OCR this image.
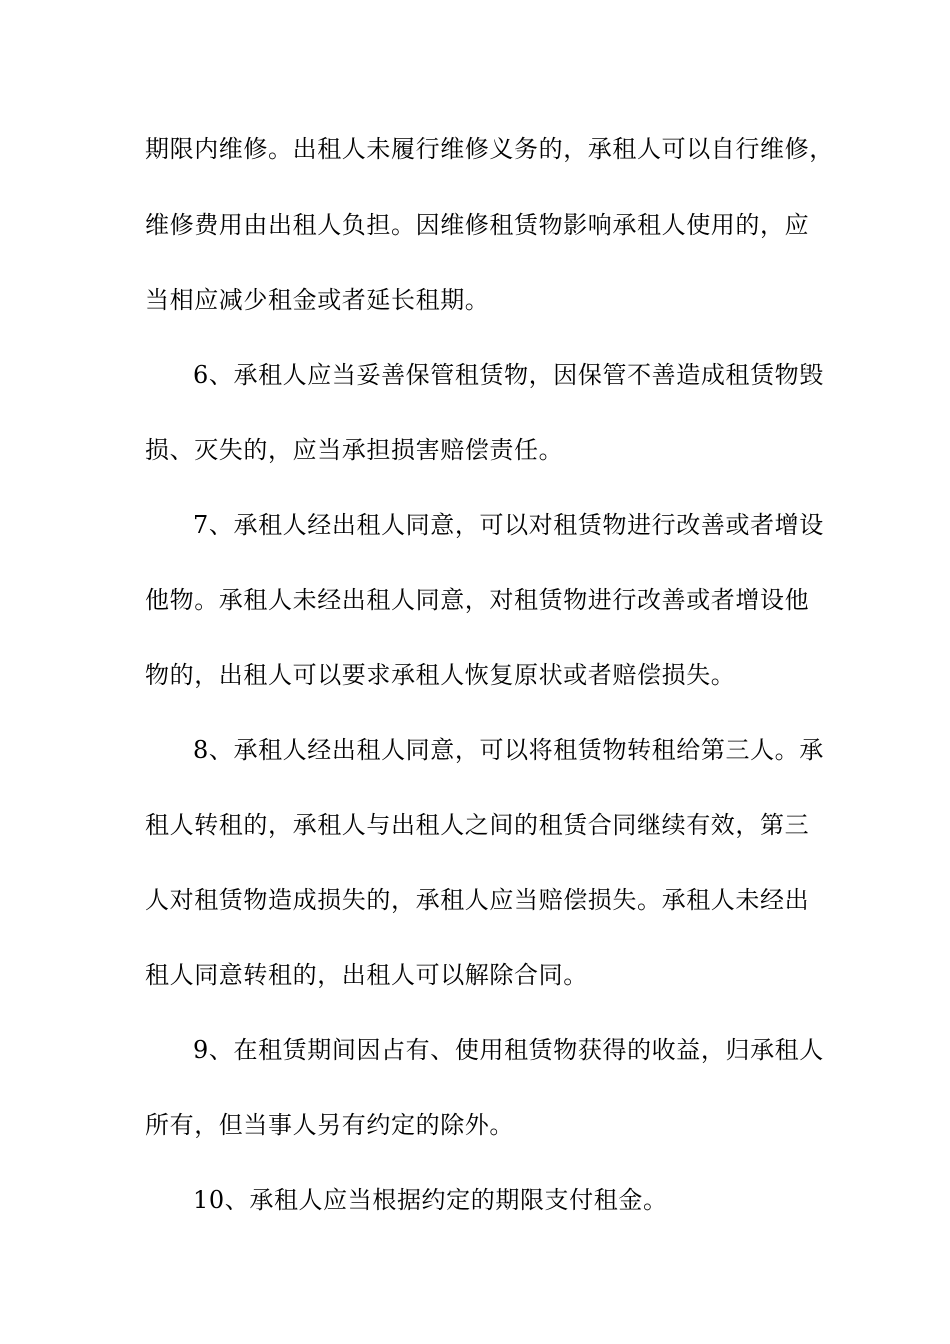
期限内维修。出租人未履行维修义务的，承租人可以自行维修，
维修费用由出租人负担。因维修租赁物影响承租人使用的，应
当相应减少租金或者延长租期。
6、承租人应当妥善保管租赁物，因保管不善造成租赁物毁
损、灭失的，应当承担损害赔偿责任。
7、承租人经出租人同意，可以对租赁物进行改善或者增设
他物。承租人未经出租人同意，对租赁物进行改善或者增设他
物的，出租人可以要求承租人恢复原状或者赔偿损失。
8、承租人经出租人同意，可以将租赁物转租给第三人。承
租人转租的，承租人与出租人之间的租赁合同继续有效，第三
人对租赁物造成损失的，承租人应当赔偿损失。承租人未经出
租人同意转租的，出租人可以解除合同。
9、在租赁期间因占有、使用租赁物获得的收益，归承租人
所有，但当事人另有约定的除外。
10、承租人应当根据约定的期限支付租金。
